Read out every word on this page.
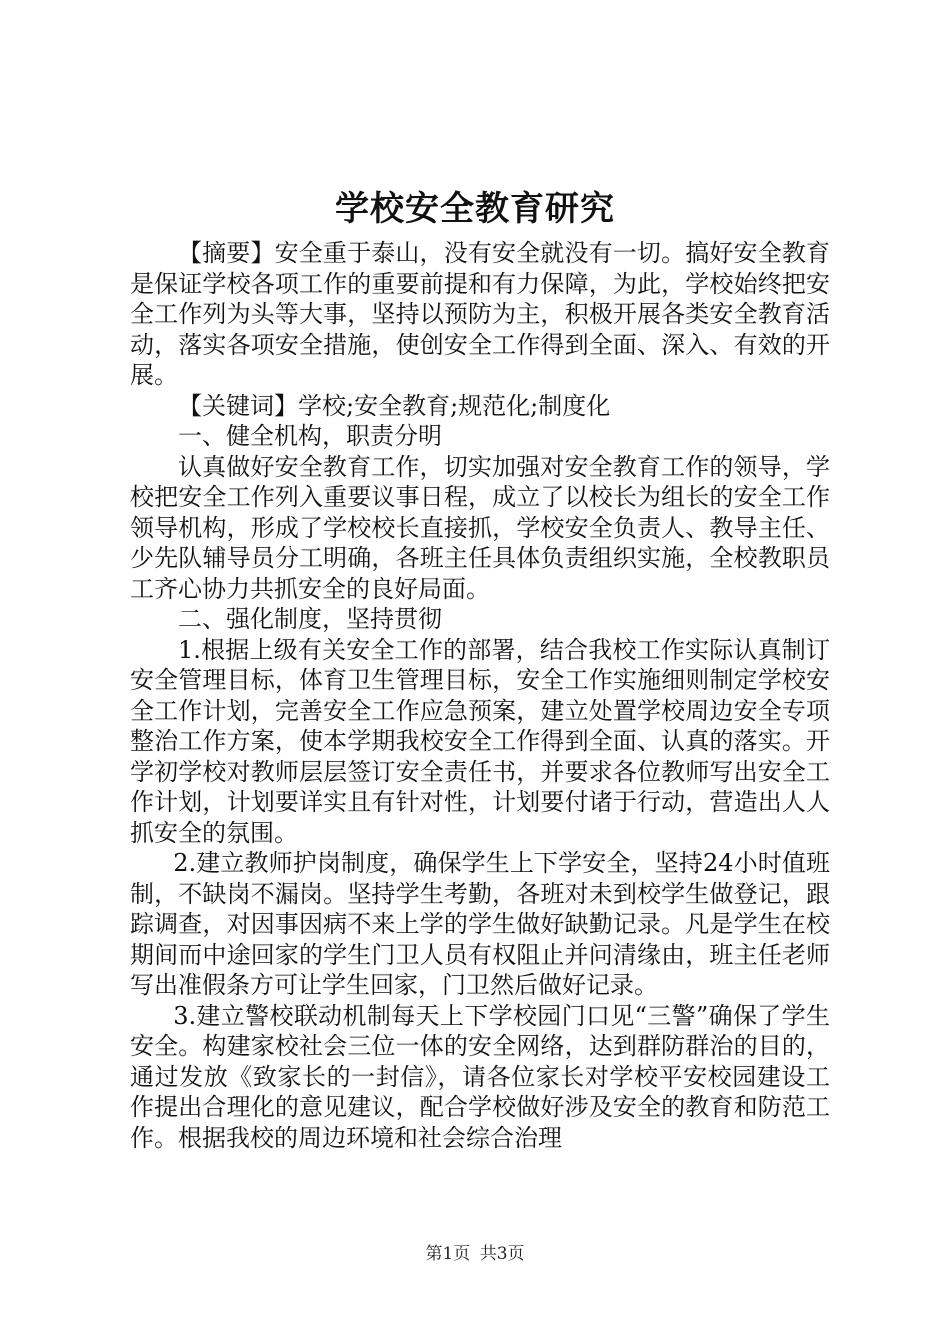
学校安全教育研究

【摘要】安全重于泰山，没有安全就没有一切。搞好安全教育是保证学校各项工作的重要前提和有力保障，为此，学校始终把安全工作列为头等大事，坚持以预防为主，积极开展各类安全教育活动，落实各项安全措施，使创安全工作得到全面、深入、有效的开展。

【关键词】学校;安全教育;规范化;制度化

一、健全机构，职责分明

认真做好安全教育工作，切实加强对安全教育工作的领导，学校把安全工作列入重要议事日程，成立了以校长为组长的安全工作领导机构，形成了学校校长直接抓，学校安全负责人、教导主任、少先队辅导员分工明确，各班主任具体负责组织实施，全校教职员工齐心协力共抓安全的良好局面。

二、强化制度，坚持贯彻

1.根据上级有关安全工作的部署，结合我校工作实际认真制订安全管理目标，体育卫生管理目标，安全工作实施细则制定学校安全工作计划，完善安全工作应急预案，建立处置学校周边安全专项整治工作方案，使本学期我校安全工作得到全面、认真的落实。开学初学校对教师层层签订安全责任书，并要求各位教师写出安全工作计划，计划要详实且有针对性，计划要付诸于行动，营造出人人抓安全的氛围。

2.建立教师护岗制度，确保学生上下学安全，坚持24小时值班制，不缺岗不漏岗。坚持学生考勤，各班对未到校学生做登记，跟踪调查，对因事因病不来上学的学生做好缺勤记录。凡是学生在校期间而中途回家的学生门卫人员有权阻止并问清缘由，班主任老师写出准假条方可让学生回家，门卫然后做好记录。

3.建立警校联动机制每天上下学校园门口见“三警”确保了学生安全。构建家校社会三位一体的安全网络，达到群防群治的目的，通过发放《致家长的一封信》，请各位家长对学校平安校园建设工作提出合理化的意见建议，配合学校做好涉及安全的教育和防范工作。根据我校的周边环境和社会综合治理

第1页 共3页
